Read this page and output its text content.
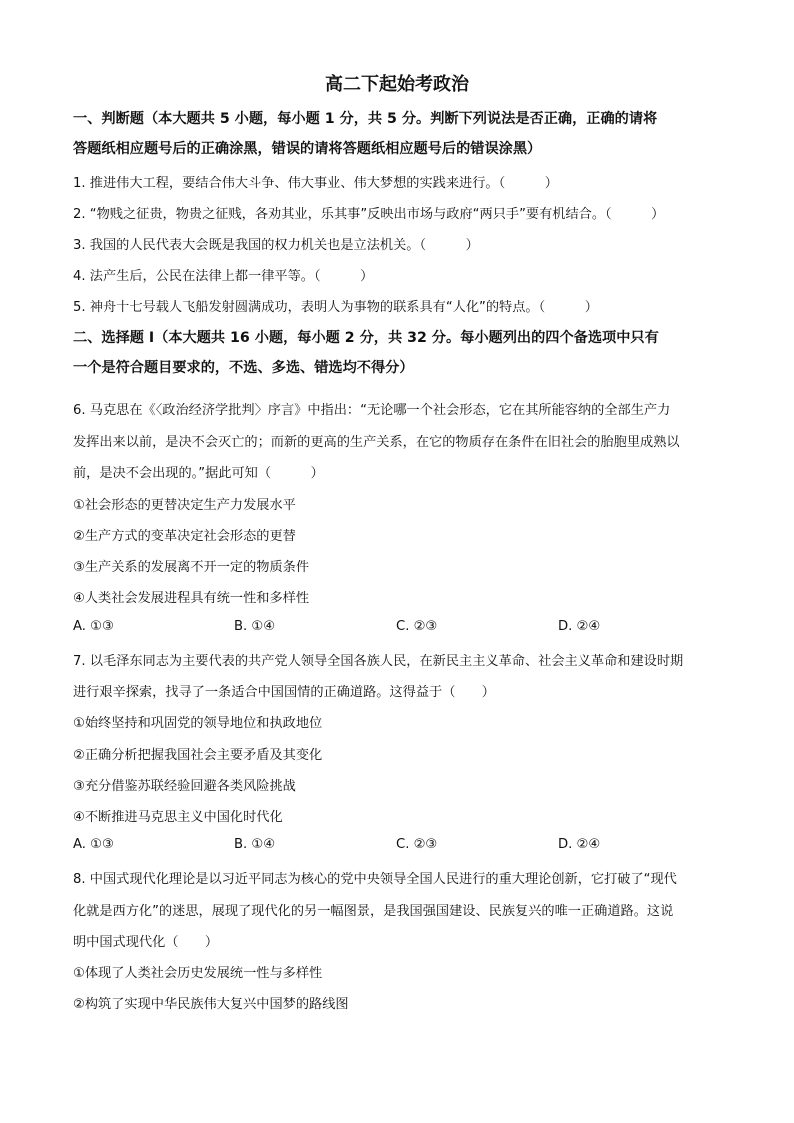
高二下起始考政治
一、判断题（本大题共 5 小题，每小题 1 分，共 5 分。判断下列说法是否正确，正确的请将
答题纸相应题号后的正确涂黑，错误的请将答题纸相应题号后的错误涂黑）
1. 推进伟大工程，要结合伟大斗争、伟大事业、伟大梦想的实践来进行。（　　　）
2. “物贱之征贵，物贵之征贱，各劝其业，乐其事”反映出市场与政府“两只手”要有机结合。（　　　）
3. 我国的人民代表大会既是我国的权力机关也是立法机关。（　　　）
4. 法产生后，公民在法律上都一律平等。（　　　）
5. 神舟十七号载人飞船发射圆满成功，表明人为事物的联系具有“人化”的特点。（　　　）
二、选择题 I（本大题共 16 小题，每小题 2 分，共 32 分。每小题列出的四个备选项中只有
一个是符合题目要求的，不选、多选、错选均不得分）
6. 马克思在《〈政治经济学批判〉序言》中指出：“无论哪一个社会形态，它在其所能容纳的全部生产力
发挥出来以前，是决不会灭亡的；而新的更高的生产关系，在它的物质存在条件在旧社会的胎胞里成熟以
前，是决不会出现的。”据此可知（　　　）
①社会形态的更替决定生产力发展水平
②生产方式的变革决定社会形态的更替
③生产关系的发展离不开一定的物质条件
④人类社会发展进程具有统一性和多样性
A. ①③	B. ①④	C. ②③	D. ②④
7. 以毛泽东同志为主要代表的共产党人领导全国各族人民，在新民主主义革命、社会主义革命和建设时期
进行艰辛探索，找寻了一条适合中国国情的正确道路。这得益于（　　）
①始终坚持和巩固党的领导地位和执政地位
②正确分析把握我国社会主要矛盾及其变化
③充分借鉴苏联经验回避各类风险挑战
④不断推进马克思主义中国化时代化
A. ①③	B. ①④	C. ②③	D. ②④
8. 中国式现代化理论是以习近平同志为核心的党中央领导全国人民进行的重大理论创新，它打破了“现代
化就是西方化”的迷思，展现了现代化的另一幅图景，是我国强国建设、民族复兴的唯一正确道路。这说
明中国式现代化（　　）
①体现了人类社会历史发展统一性与多样性
②构筑了实现中华民族伟大复兴中国梦的路线图
